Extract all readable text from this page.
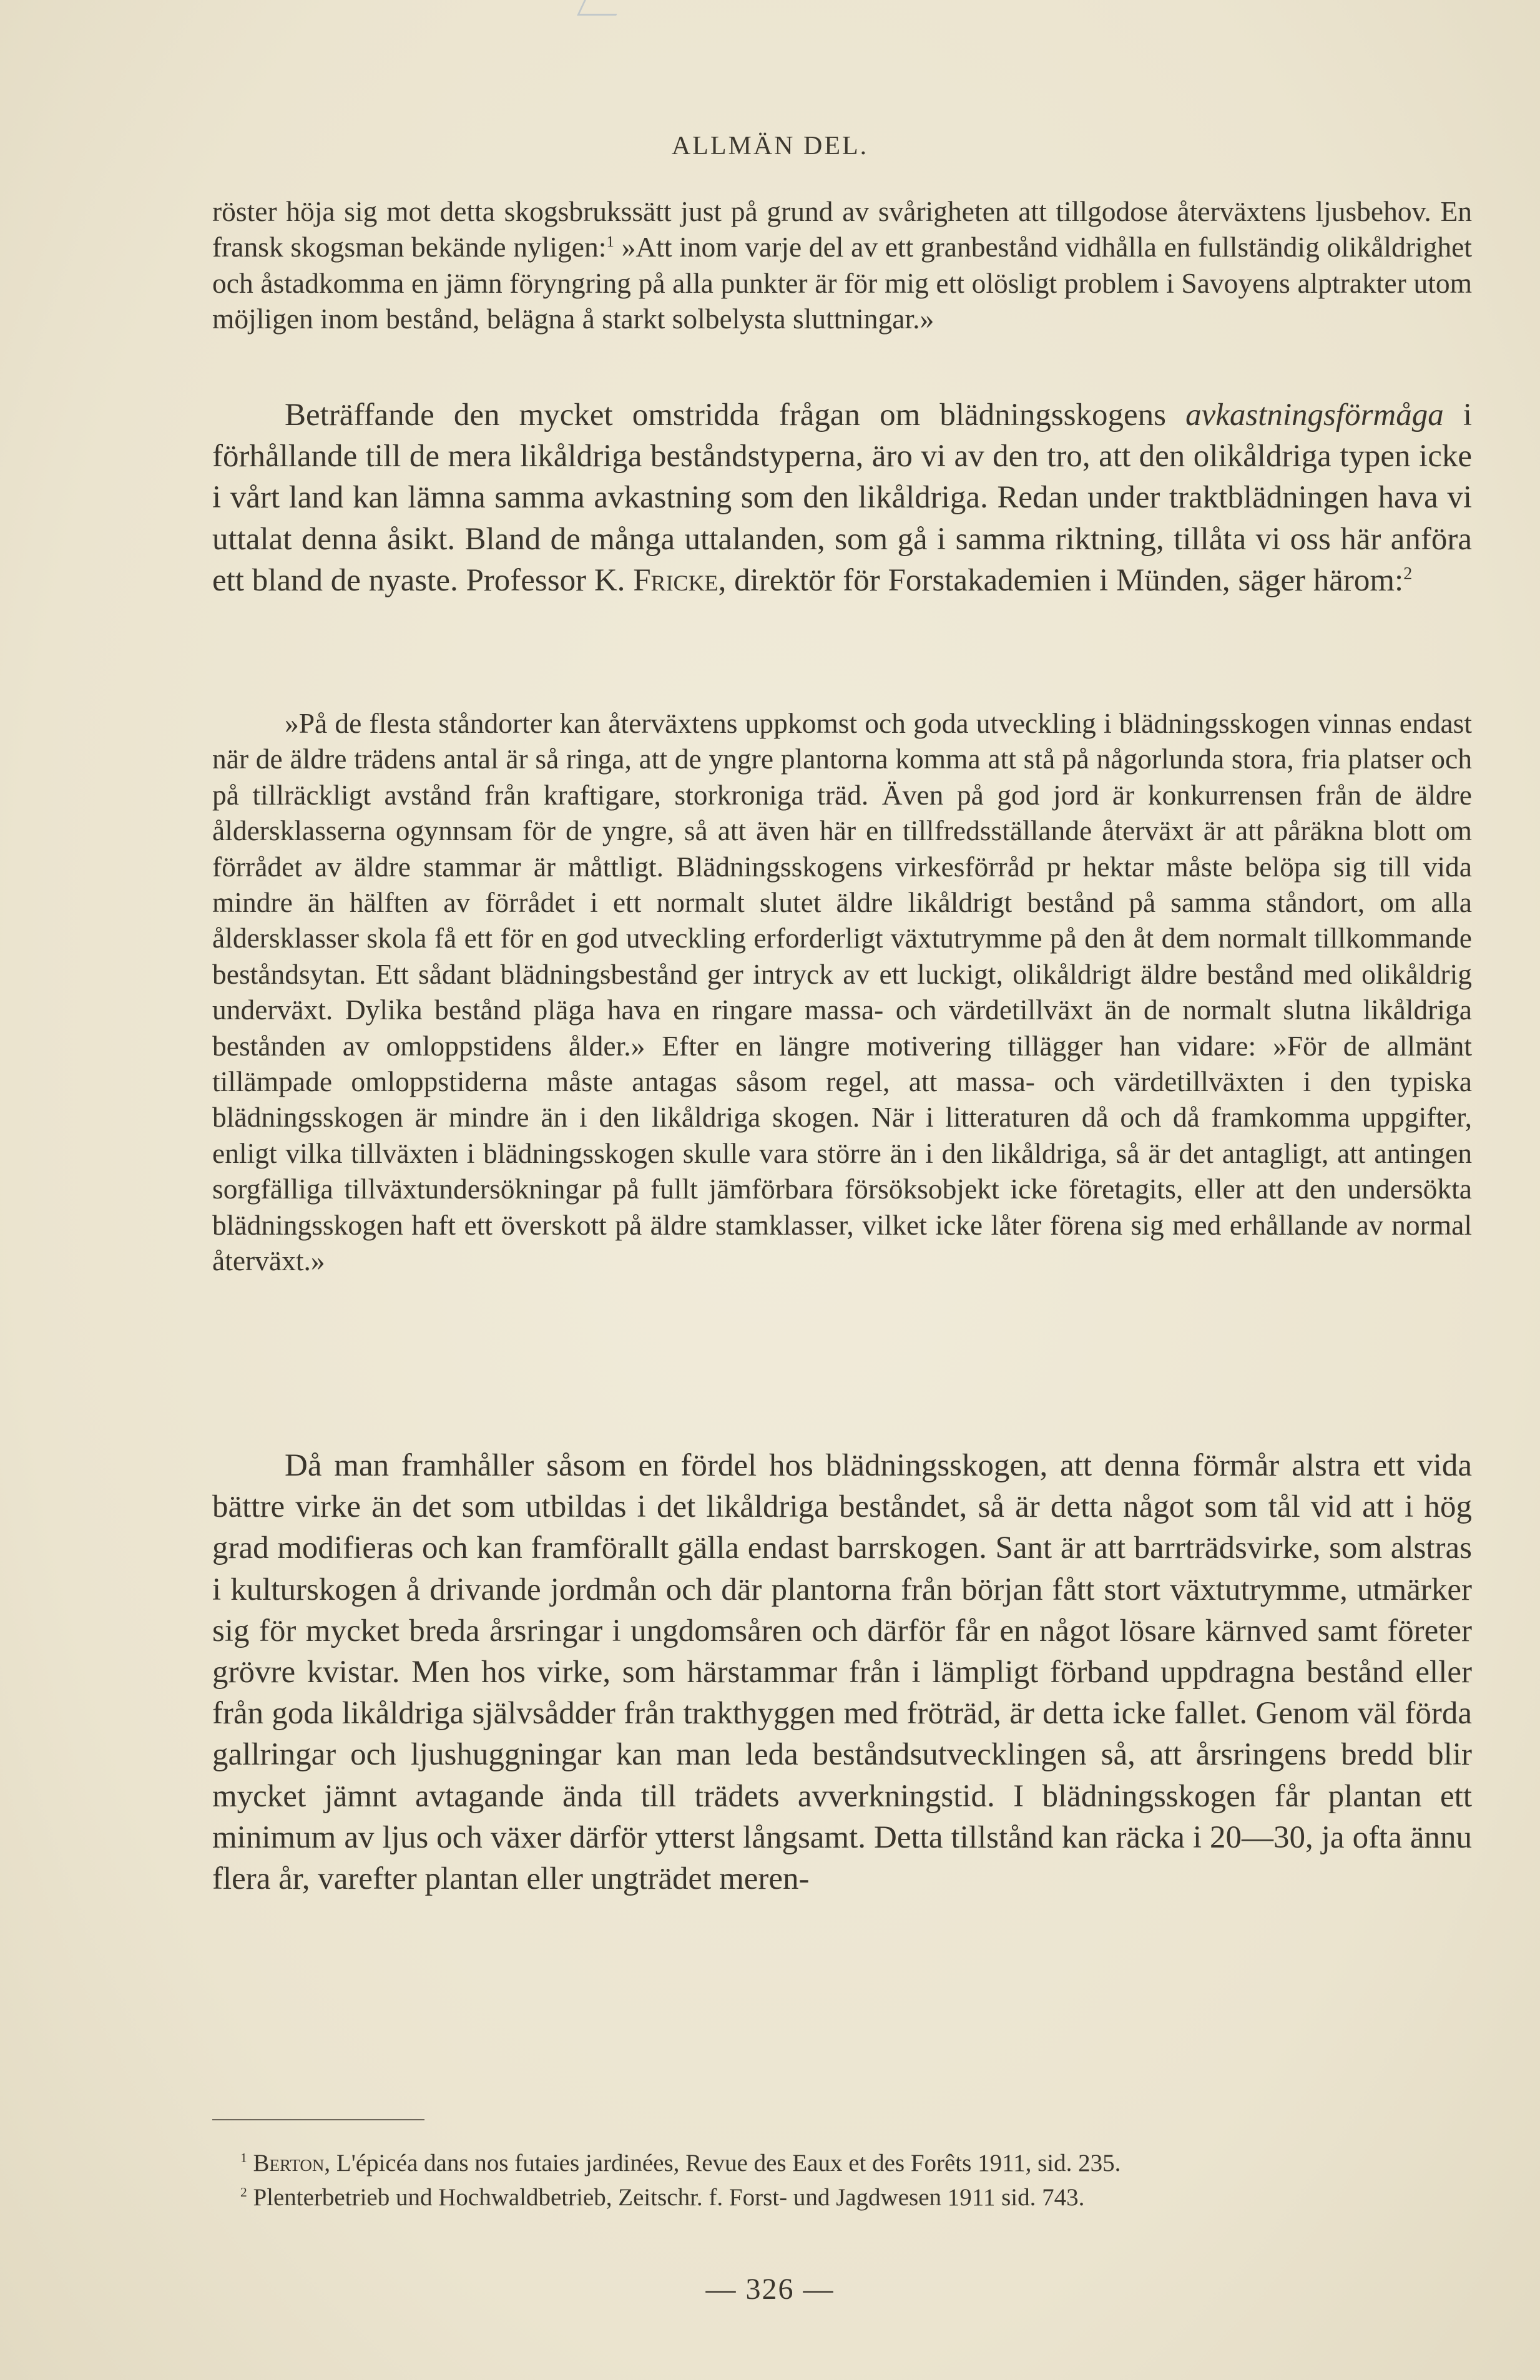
ALLMÄN DEL.

röster höja sig mot detta skogsbrukssätt just på grund av svårigheten att tillgodose återväxtens ljusbehov. En fransk skogsman bekände nyligen:$^1$ »Att inom varje del av ett granbestånd vidhålla en fullständig olikåldrighet och åstadkomma en jämn föryngring på alla punkter är för mig ett olösligt problem i Savoyens alptrakter utom möjligen inom bestånd, belägna å starkt solbelysta sluttningar.»

Beträffande den mycket omstridda frågan om blädningsskogens avkastningsförmåga i förhållande till de mera likåldriga beståndstyperna, äro vi av den tro, att den olikåldriga typen icke i vårt land kan lämna samma avkastning som den likåldriga. Redan under traktblädningen hava vi uttalat denna åsikt. Bland de många uttalanden, som gå i samma riktning, tillåta vi oss här anföra ett bland de nyaste. Professor K. Fricke, direktör för Forstakademien i Münden, säger härom:$^2$

»På de flesta ståndorter kan återväxtens uppkomst och goda utveckling i blädningsskogen vinnas endast när de äldre trädens antal är så ringa, att de yngre plantorna komma att stå på någorlunda stora, fria platser och på tillräckligt avstånd från kraftigare, storkroniga träd. Även på god jord är konkurrensen från de äldre åldersklasserna ogynnsam för de yngre, så att även här en tillfredsställande återväxt är att påräkna blott om förrådet av äldre stammar är måttligt. Blädningsskogens virkesförråd pr hektar måste belöpa sig till vida mindre än hälften av förrådet i ett normalt slutet äldre likåldrigt bestånd på samma ståndort, om alla åldersklasser skola få ett för en god utveckling erforderligt växtutrymme på den åt dem normalt tillkommande beståndsytan. Ett sådant blädningsbestånd ger intryck av ett luckigt, olikåldrigt äldre bestånd med olikåldrig underväxt. Dylika bestånd pläga hava en ringare massa- och värdetillväxt än de normalt slutna likåldriga bestånden av omloppstidens ålder.» Efter en längre motivering tillägger han vidare: »För de allmänt tillämpade omloppstiderna måste antagas såsom regel, att massa- och värdetillväxten i den typiska blädningsskogen är mindre än i den likåldriga skogen. När i litteraturen då och då framkomma uppgifter, enligt vilka tillväxten i blädningsskogen skulle vara större än i den likåldriga, så är det antagligt, att antingen sorgfälliga tillväxtundersökningar på fullt jämförbara försöksobjekt icke företagits, eller att den undersökta blädningsskogen haft ett överskott på äldre stamklasser, vilket icke låter förena sig med erhållande av normal återväxt.»

Då man framhåller såsom en fördel hos blädningsskogen, att denna förmår alstra ett vida bättre virke än det som utbildas i det likåldriga beståndet, så är detta något som tål vid att i hög grad modifieras och kan framförallt gälla endast barrskogen. Sant är att barrträdsvirke, som alstras i kulturskogen å drivande jordmån och där plantorna från början fått stort växtutrymme, utmärker sig för mycket breda årsringar i ungdomsåren och därför får en något lösare kärnved samt företer grövre kvistar. Men hos virke, som härstammar från i lämpligt förband uppdragna bestånd eller från goda likåldriga självsådder från trakthyggen med fröträd, är detta icke fallet. Genom väl förda gallringar och ljushuggningar kan man leda beståndsutvecklingen så, att årsringens bredd blir mycket jämnt avtagande ända till trädets avverkningstid. I blädningsskogen får plantan ett minimum av ljus och växer därför ytterst långsamt. Detta tillstånd kan räcka i 20—30, ja ofta ännu flera år, varefter plantan eller ungträdet meren-

$^1$ Berton, L'épicéa dans nos futaies jardinées, Revue des Eaux et des Forêts 1911, sid. 235.

$^2$ Plenterbetrieb und Hochwaldbetrieb, Zeitschr. f. Forst- und Jagdwesen 1911 sid. 743.

— 326 —
